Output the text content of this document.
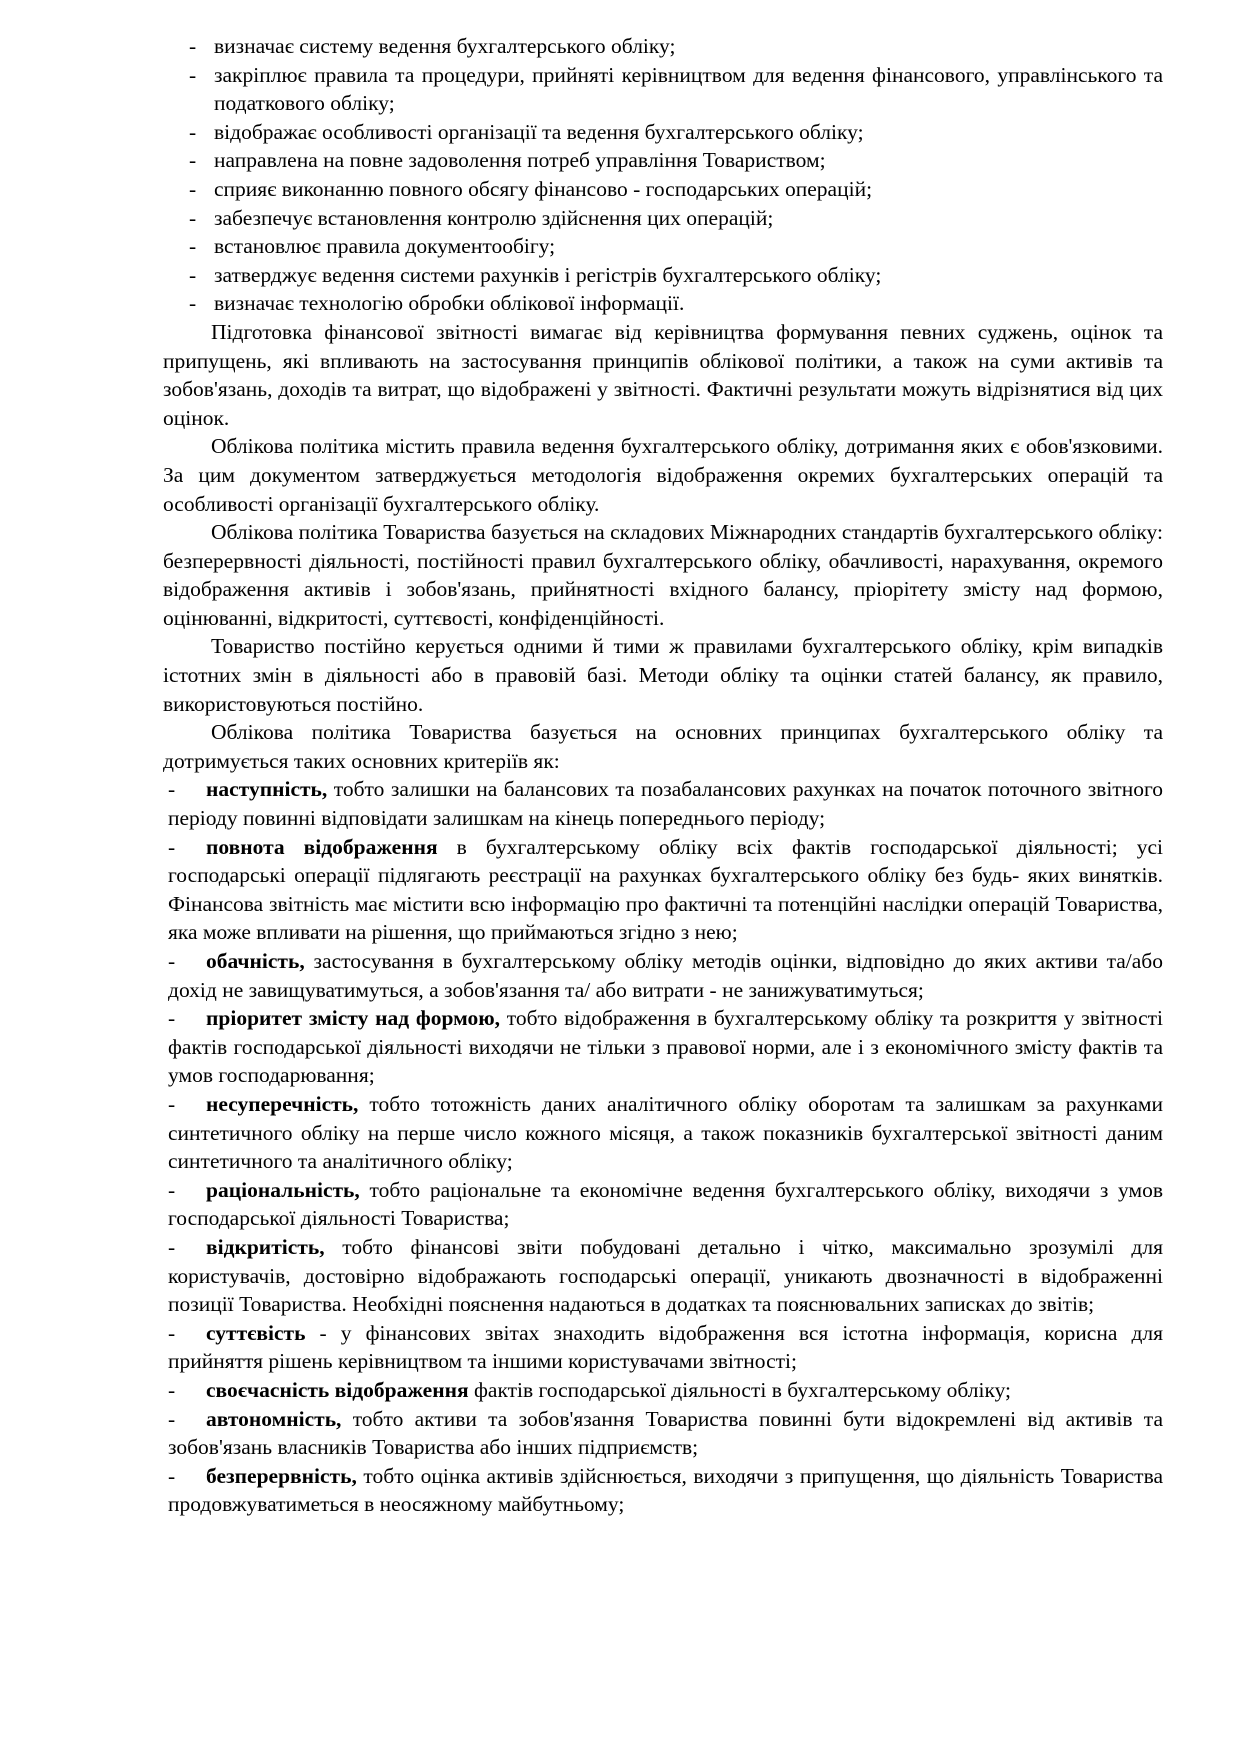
- визначає систему ведення бухгалтерського обліку;
- закріплює правила та процедури, прийняті керівництвом для ведення фінансового, управлінського та податкового обліку;
- відображає особливості організації та ведення бухгалтерського обліку;
- направлена на повне задоволення потреб управління Товариством;
- сприяє виконанню повного обсягу фінансово - господарських операцій;
- забезпечує встановлення контролю здійснення цих операцій;
- встановлює правила документообігу;
- затверджує ведення системи рахунків і регістрів бухгалтерського обліку;
- визначає технологію обробки облікової інформації.
Підготовка фінансової звітності вимагає від керівництва формування певних суджень, оцінок та припущень, які впливають на застосування принципів облікової політики, а також на суми активів та зобов'язань, доходів та витрат, що відображені у звітності. Фактичні результати можуть відрізнятися від цих оцінок.
Облікова політика містить правила ведення бухгалтерського обліку, дотримання яких є обов'язковими. За цим документом затверджується методологія відображення окремих бухгалтерських операцій та особливості організації бухгалтерського обліку.
Облікова політика Товариства базується на складових Міжнародних стандартів бухгалтерського обліку: безперервності діяльності, постійності правил бухгалтерського обліку, обачливості, нарахування, окремого відображення активів і зобов'язань, прийнятності вхідного балансу, пріорітету змісту над формою, оцінюванні, відкритості, суттєвості, конфіденційності.
Товариство постійно керується одними й тими ж правилами бухгалтерського обліку, крім випадків істотних змін в діяльності або в правовій базі. Методи обліку та оцінки статей балансу, як правило, використовуються постійно.
Облікова політика Товариства базується на основних принципах бухгалтерського обліку та дотримується таких основних критеріїв як:
- наступність, тобто залишки на балансових та позабалансових рахунках на початок поточного звітного періоду повинні відповідати залишкам на кінець попереднього періоду;
- повнота відображення в бухгалтерському обліку всіх фактів господарської діяльності; усі господарські операції підлягають реєстрації на рахунках бухгалтерського обліку без будь- яких винятків. Фінансова звітність має містити всю інформацію про фактичні та потенційні наслідки операцій Товариства, яка може впливати на рішення, що приймаються згідно з нею;
- обачність, застосування в бухгалтерському обліку методів оцінки, відповідно до яких активи та/або дохід не завищуватимуться, а зобов'язання та/ або витрати - не занижуватимуться;
- пріоритет змісту над формою, тобто відображення в бухгалтерському обліку та розкриття у звітності фактів господарської діяльності виходячи не тільки з правової норми, але і з економічного змісту фактів та умов господарювання;
- несуперечність, тобто тотожність даних аналітичного обліку оборотам та залишкам за рахунками синтетичного обліку на перше число кожного місяця, а також показників бухгалтерської звітності даним синтетичного та аналітичного обліку;
- раціональність, тобто раціональне та економічне ведення бухгалтерського обліку, виходячи з умов господарської діяльності Товариства;
- відкритість, тобто фінансові звіти побудовані детально і чітко, максимально зрозумілі для користувачів, достовірно відображають господарські операції, уникають двозначності в відображенні позиції Товариства. Необхідні пояснення надаються в додатках та пояснювальних записках до звітів;
- суттєвість - у фінансових звітах знаходить відображення вся істотна інформація, корисна для прийняття рішень керівництвом та іншими користувачами звітності;
- своєчасність відображення фактів господарської діяльності в бухгалтерському обліку;
- автономність, тобто активи та зобов'язання Товариства повинні бути відокремлені від активів та зобов'язань власників Товариства або інших підприємств;
- безперервність, тобто оцінка активів здійснюється, виходячи з припущення, що діяльність Товариства продовжуватиметься в неосяжному майбутньому;
